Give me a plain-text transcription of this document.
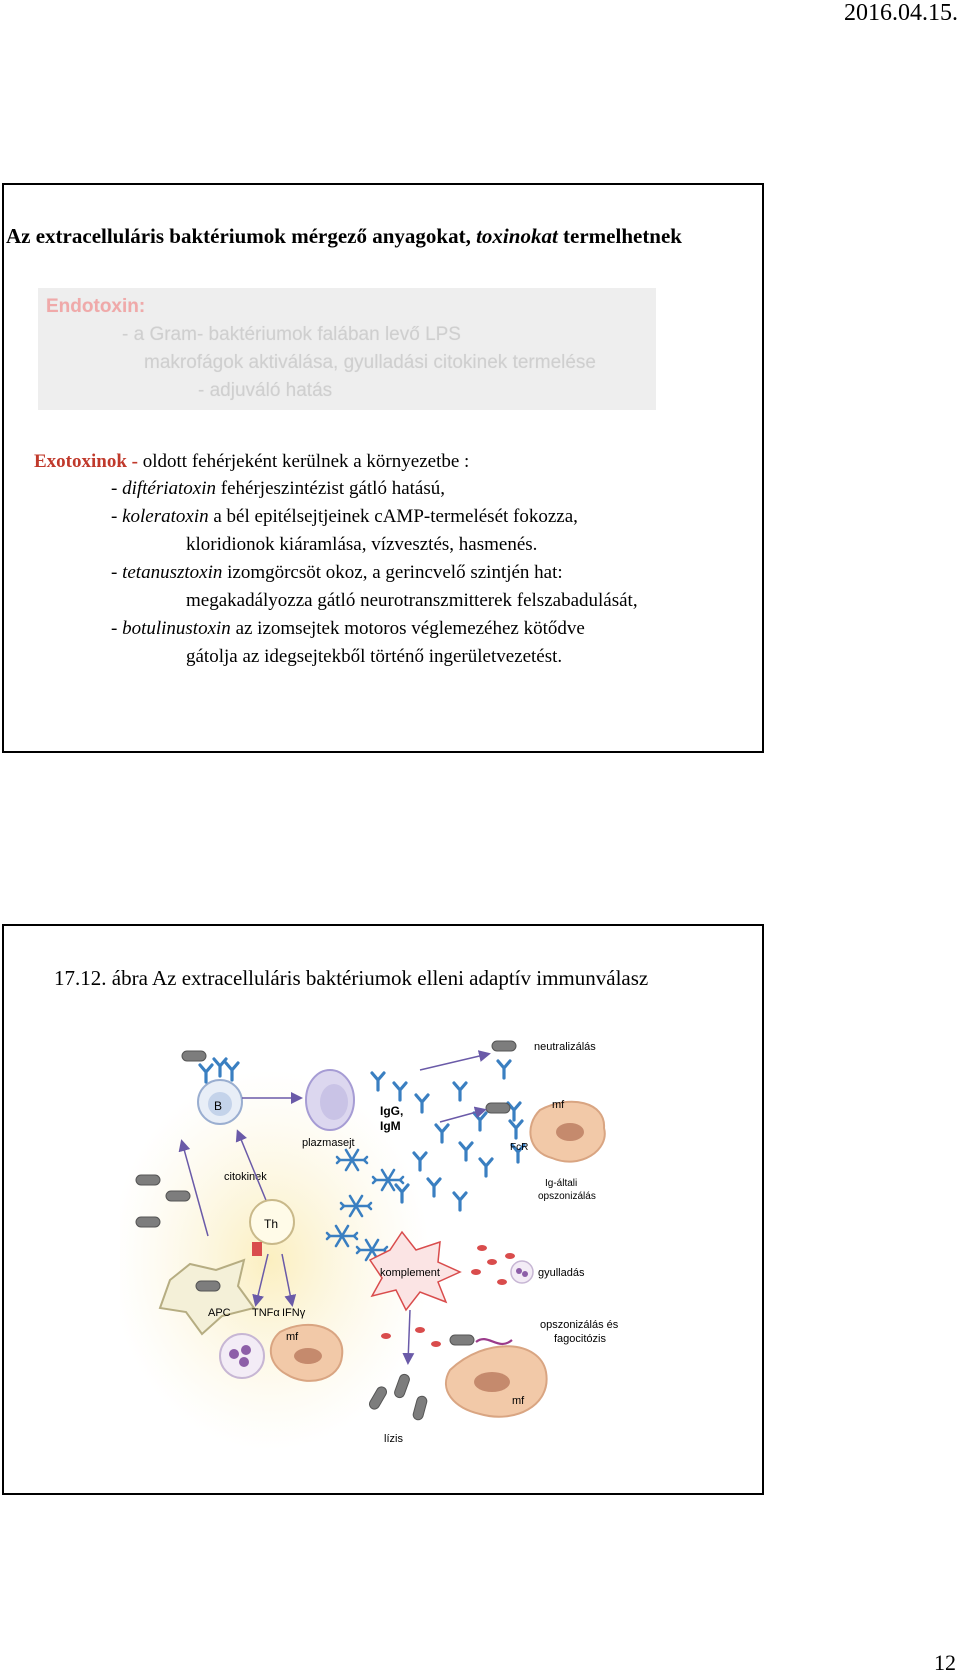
2016.04.15.
Az extracelluláris baktériumok mérgező anyagokat, toxinokat termelhetnek
Endotoxin:
- a Gram- baktériumok falában levő LPS
makrofágok aktiválása, gyulladási citokinek termelése
- adjuváló hatás
Exotoxinok - oldott fehérjeként kerülnek a környezetbe :
- diftériatoxin fehérjeszintézist gátló hatású,
- koleratoxin a bél epitélsejtjeinek cAMP-termelését fokozza,
kloridionok kiáramlása, vízvesztés, hasmenés.
- tetanusztoxin izomgörcsöt okoz, a gerincvelő szintjén hat:
megakadályozza gátló neurotranszmitterek felszabadulását,
- botulinustoxin az izomsejtek motoros véglemezéhez kötődve
gátolja az idegsejtekből történő ingerületvezetést.
17.12. ábra Az extracelluláris baktériumok elleni adaptív immunválasz
B
plazmasejt
IgG,
IgM
neutralizálás
mf
FcR
Ig-általi
opszonizálás
citokinek
Th
APC TNFα IFNγ
mf
komplement	gyulladás
mf
opszonizálás és
fagocitózis
lízis
12
